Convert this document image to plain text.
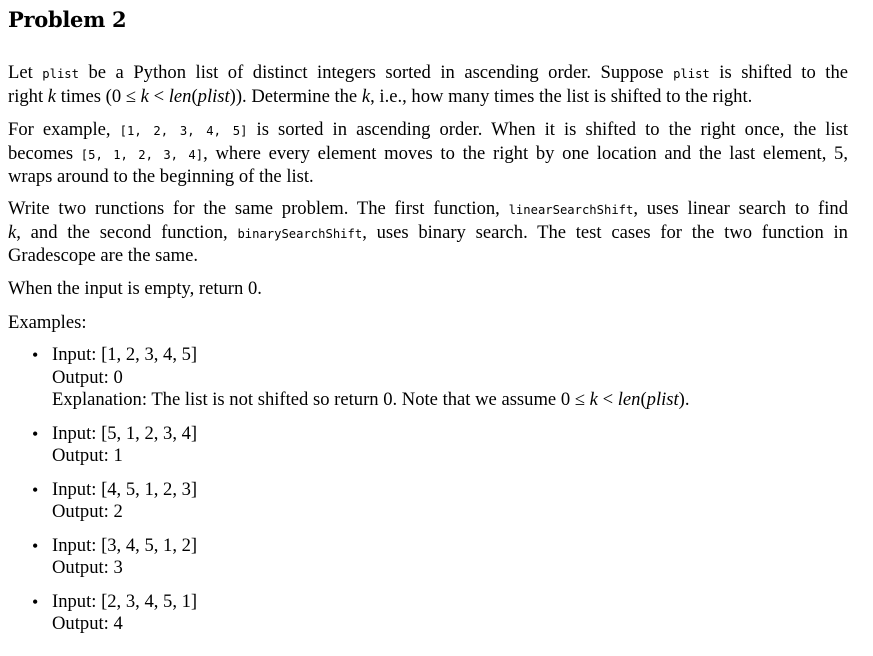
Problem 2
Let plist be a Python list of distinct integers sorted in ascending order. Suppose plist is shifted to the
right k times (0 ≤ k < len(plist)). Determine the k, i.e., how many times the list is shifted to the right.
For example, [1, 2, 3, 4, 5] is sorted in ascending order. When it is shifted to the right once, the list
becomes [5, 1, 2, 3, 4], where every element moves to the right by one location and the last element, 5,
wraps around to the beginning of the list.
Write two runctions for the same problem. The first function, linearSearchShift, uses linear search to find
k, and the second function, binarySearchShift, uses binary search. The test cases for the two function in
Gradescope are the same.
When the input is empty, return 0.
Examples:
• Input: [1, 2, 3, 4, 5]
Output: 0
Explanation: The list is not shifted so return 0. Note that we assume 0 ≤ k < len(plist).
• Input: [5, 1, 2, 3, 4]
Output: 1
• Input: [4, 5, 1, 2, 3]
Output: 2
• Input: [3, 4, 5, 1, 2]
Output: 3
• Input: [2, 3, 4, 5, 1]
Output: 4
